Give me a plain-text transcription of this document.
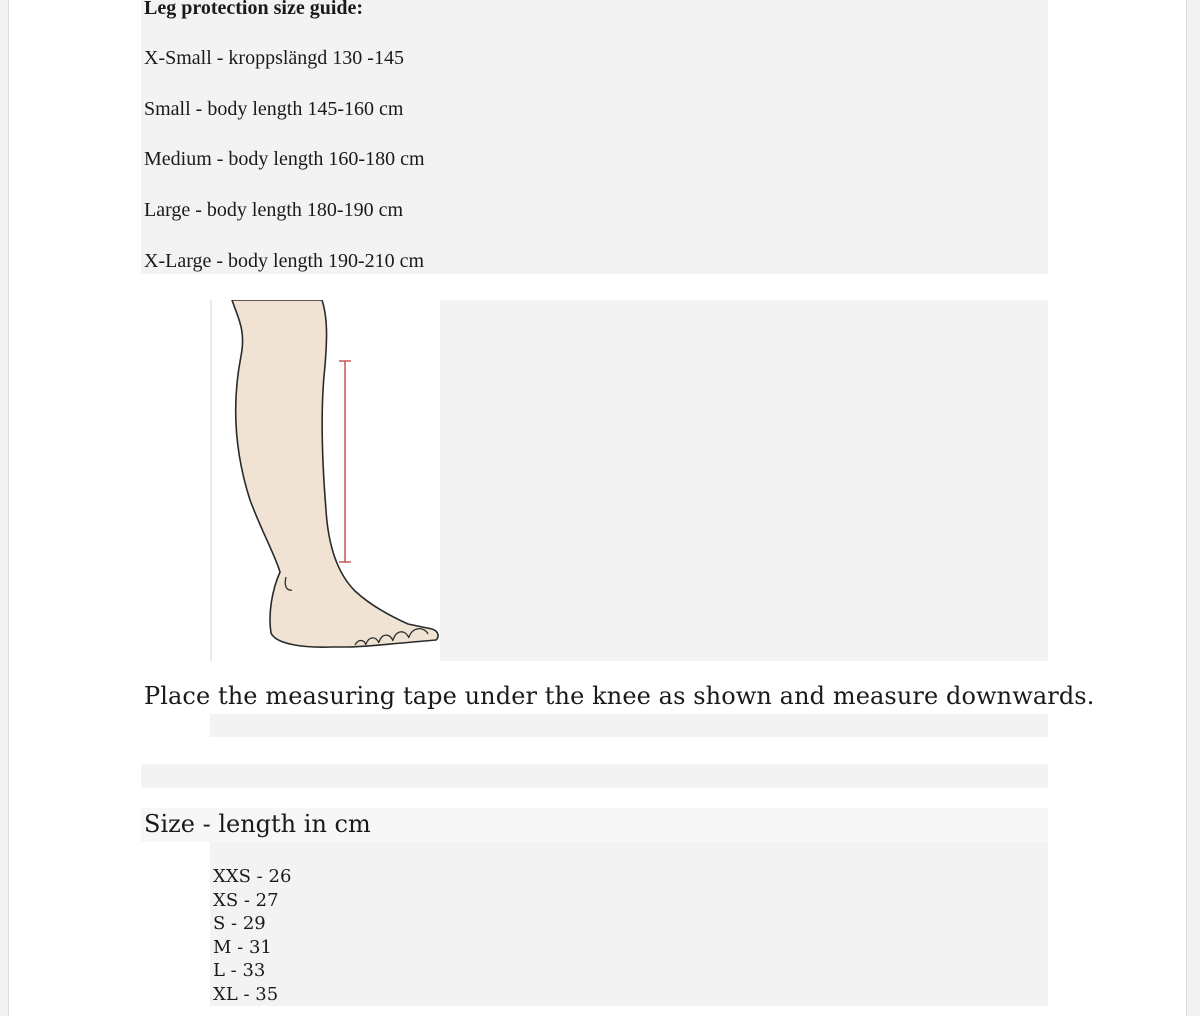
Leg protection size guide:

X-Small - kroppslängd 130 -145

Small - body length 145-160 cm

Medium - body length 160-180 cm

Large - body length 180-190 cm

X-Large - body length 190-210 cm

Place the measuring tape under the knee as shown and measure downwards.

Size - length in cm

XXS - 26
XS - 27
S - 29
M - 31
L - 33
XL - 35
